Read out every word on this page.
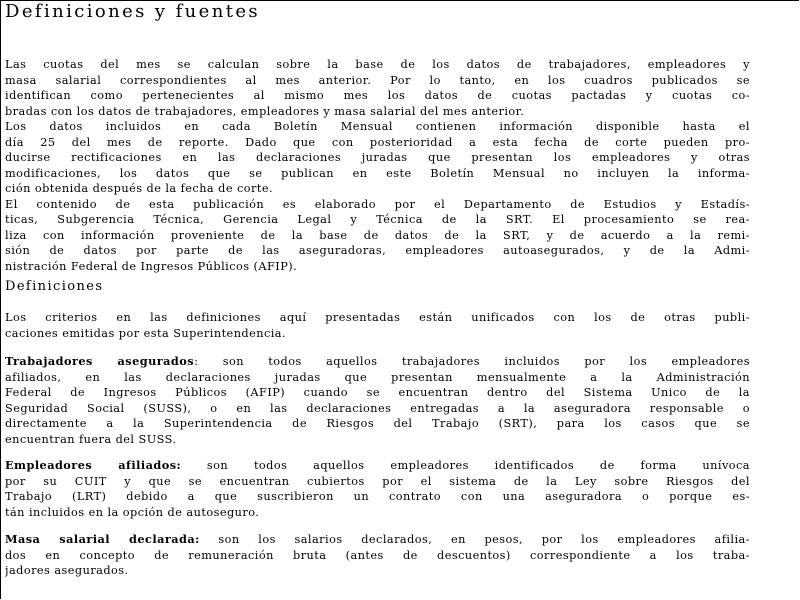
Definiciones y fuentes
Las cuotas del mes se calculan sobre la base de los datos de trabajadores, empleadores y
masa salarial correspondientes al mes anterior. Por lo tanto, en los cuadros publicados se
identifican como pertenecientes al mismo mes los datos de cuotas pactadas y cuotas co-
bradas con los datos de trabajadores, empleadores y masa salarial del mes anterior.
Los datos incluidos en cada Boletín Mensual contienen información disponible hasta el
día 25 del mes de reporte. Dado que con posterioridad a esta fecha de corte pueden pro-
ducirse rectificaciones en las declaraciones juradas que presentan los empleadores y otras
modificaciones, los datos que se publican en este Boletín Mensual no incluyen la informa-
ción obtenida después de la fecha de corte.
El contenido de esta publicación es elaborado por el Departamento de Estudios y Estadís-
ticas, Subgerencia Técnica, Gerencia Legal y Técnica de la SRT. El procesamiento se rea-
liza con información proveniente de la base de datos de la SRT, y de acuerdo a la remi-
sión de datos por parte de las aseguradoras, empleadores autoasegurados, y de la Admi-
nistración Federal de Ingresos Públicos (AFIP).
Definiciones
Los criterios en las definiciones aquí presentadas están unificados con los de otras publi-
caciones emitidas por esta Superintendencia.
Trabajadores asegurados: son todos aquellos trabajadores incluidos por los empleadores
afiliados, en las declaraciones juradas que presentan mensualmente a la Administración
Federal de Ingresos Públicos (AFIP) cuando se encuentran dentro del Sistema Unico de la
Seguridad Social (SUSS), o en las declaraciones entregadas a la aseguradora responsable o
directamente a la Superintendencia de Riesgos del Trabajo (SRT), para los casos que se
encuentran fuera del SUSS.
Empleadores afiliados: son todos aquellos empleadores identificados de forma unívoca
por su CUIT y que se encuentran cubiertos por el sistema de la Ley sobre Riesgos del
Trabajo (LRT) debido a que suscribieron un contrato con una aseguradora o porque es-
tán incluidos en la opción de autoseguro.
Masa salarial declarada: son los salarios declarados, en pesos, por los empleadores afilia-
dos en concepto de remuneración bruta (antes de descuentos) correspondiente a los traba-
jadores asegurados.
